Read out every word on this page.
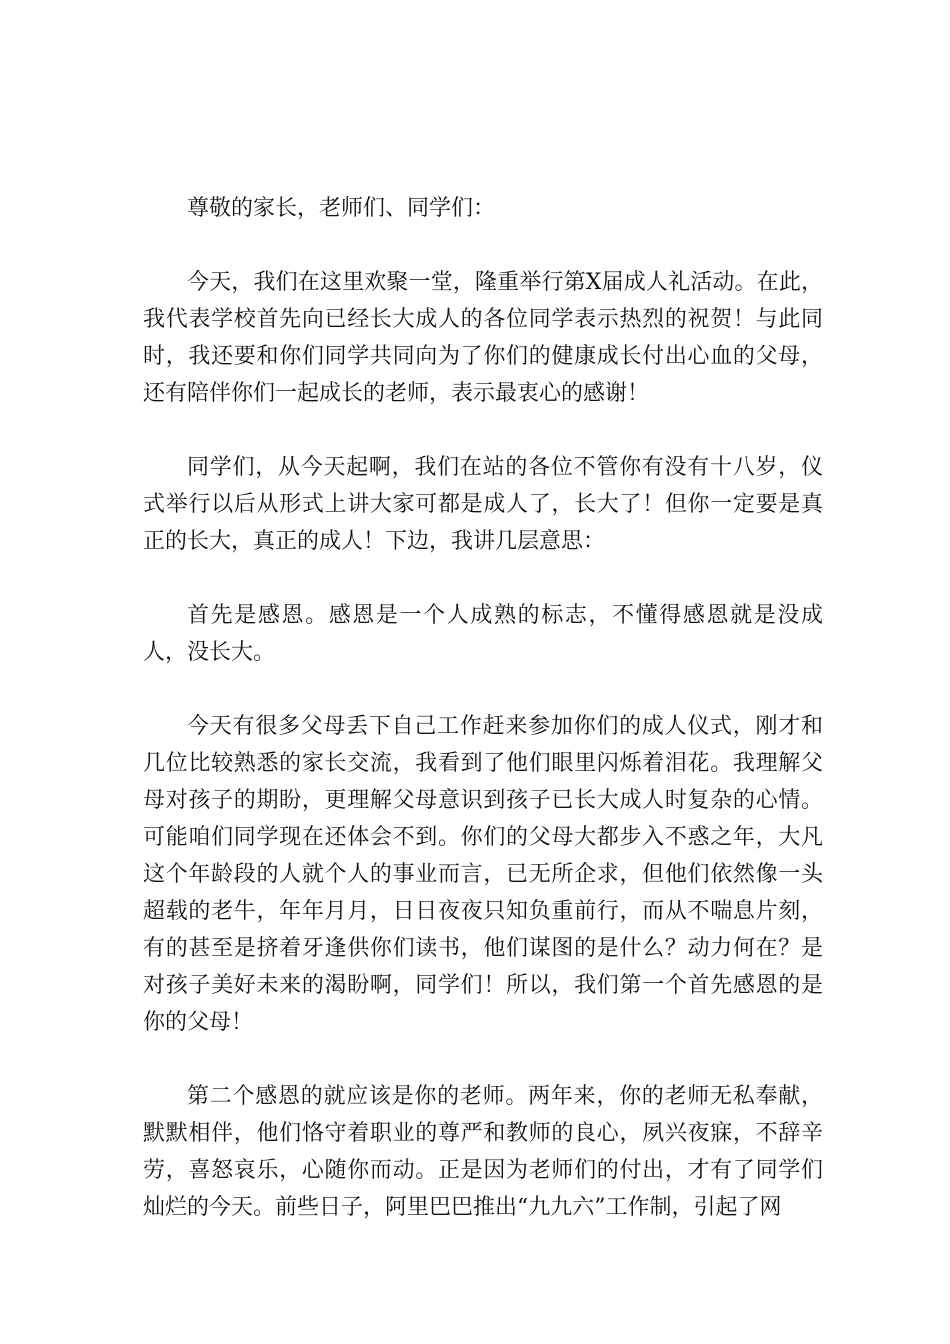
尊敬的家长，老师们、同学们：

今天，我们在这里欢聚一堂，隆重举行第X届成人礼活动。在此，我代表学校首先向已经长大成人的各位同学表示热烈的祝贺！与此同时，我还要和你们同学共同向为了你们的健康成长付出心血的父母，还有陪伴你们一起成长的老师，表示最衷心的感谢！

同学们，从今天起啊，我们在站的各位不管你有没有十八岁，仪式举行以后从形式上讲大家可都是成人了，长大了！但你一定要是真正的长大，真正的成人！下边，我讲几层意思：

首先是感恩。感恩是一个人成熟的标志，不懂得感恩就是没成人，没长大。

今天有很多父母丢下自己工作赶来参加你们的成人仪式，刚才和几位比较熟悉的家长交流，我看到了他们眼里闪烁着泪花。我理解父母对孩子的期盼，更理解父母意识到孩子已长大成人时复杂的心情。可能咱们同学现在还体会不到。你们的父母大都步入不惑之年，大凡这个年龄段的人就个人的事业而言，已无所企求，但他们依然像一头超载的老牛，年年月月，日日夜夜只知负重前行，而从不喘息片刻，有的甚至是挤着牙逢供你们读书，他们谋图的是什么？动力何在？是对孩子美好未来的渴盼啊，同学们！所以，我们第一个首先感恩的是你的父母！

第二个感恩的就应该是你的老师。两年来，你的老师无私奉献，默默相伴，他们恪守着职业的尊严和教师的良心，夙兴夜寐，不辞辛劳，喜怒哀乐，心随你而动。正是因为老师们的付出，才有了同学们灿烂的今天。前些日子，阿里巴巴推出“九九六”工作制，引起了网
